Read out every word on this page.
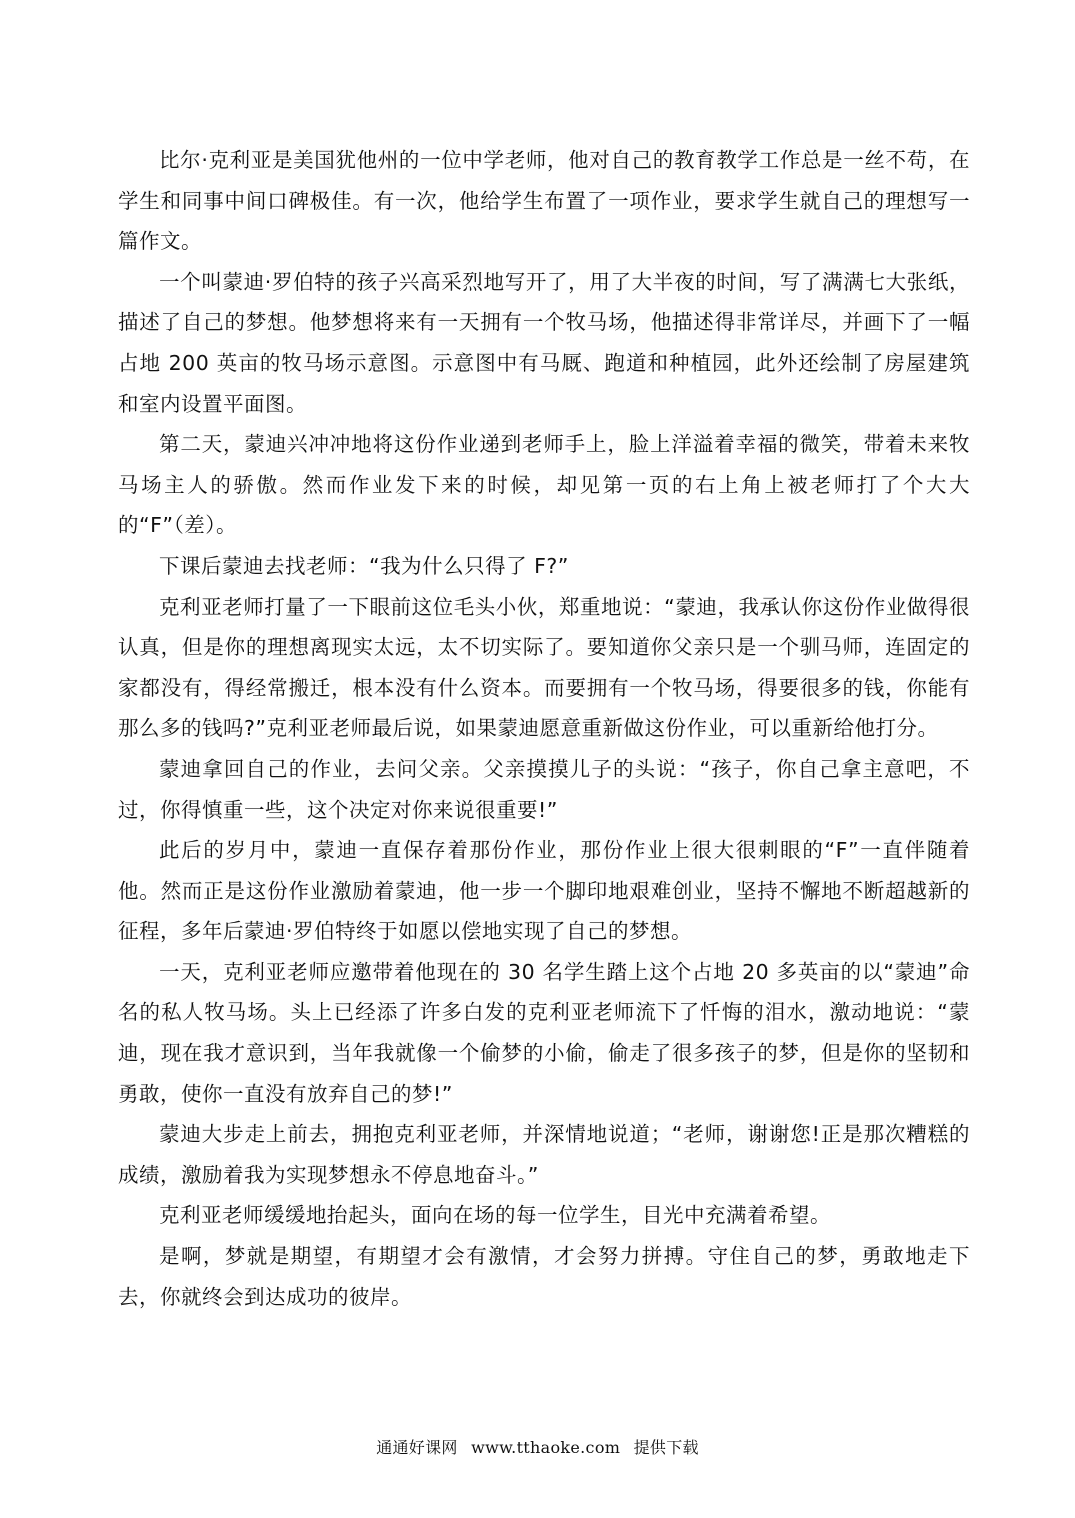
比尔·克利亚是美国犹他州的一位中学老师，他对自己的教育教学工作总是一丝不苟，在学生和同事中间口碑极佳。有一次，他给学生布置了一项作业，要求学生就自己的理想写一篇作文。

一个叫蒙迪·罗伯特的孩子兴高采烈地写开了，用了大半夜的时间，写了满满七大张纸，描述了自己的梦想。他梦想将来有一天拥有一个牧马场，他描述得非常详尽，并画下了一幅占地 200 英亩的牧马场示意图。示意图中有马厩、跑道和种植园，此外还绘制了房屋建筑和室内设置平面图。

第二天，蒙迪兴冲冲地将这份作业递到老师手上，脸上洋溢着幸福的微笑，带着未来牧马场主人的骄傲。然而作业发下来的时候，却见第一页的右上角上被老师打了个大大的“F”（差）。

下课后蒙迪去找老师：“我为什么只得了 F?”

克利亚老师打量了一下眼前这位毛头小伙，郑重地说：“蒙迪，我承认你这份作业做得很认真，但是你的理想离现实太远，太不切实际了。要知道你父亲只是一个驯马师，连固定的家都没有，得经常搬迁，根本没有什么资本。而要拥有一个牧马场，得要很多的钱，你能有那么多的钱吗?”克利亚老师最后说，如果蒙迪愿意重新做这份作业，可以重新给他打分。

蒙迪拿回自己的作业，去问父亲。父亲摸摸儿子的头说：“孩子，你自己拿主意吧，不过，你得慎重一些，这个决定对你来说很重要!”

此后的岁月中，蒙迪一直保存着那份作业，那份作业上很大很刺眼的“F”一直伴随着他。然而正是这份作业激励着蒙迪，他一步一个脚印地艰难创业，坚持不懈地不断超越新的征程，多年后蒙迪·罗伯特终于如愿以偿地实现了自己的梦想。

一天，克利亚老师应邀带着他现在的 30 名学生踏上这个占地 20 多英亩的以“蒙迪”命名的私人牧马场。头上已经添了许多白发的克利亚老师流下了忏悔的泪水，激动地说：“蒙迪，现在我才意识到，当年我就像一个偷梦的小偷，偷走了很多孩子的梦，但是你的坚韧和勇敢，使你一直没有放弃自己的梦!”

蒙迪大步走上前去，拥抱克利亚老师，并深情地说道；“老师，谢谢您!正是那次糟糕的成绩，激励着我为实现梦想永不停息地奋斗。”

克利亚老师缓缓地抬起头，面向在场的每一位学生，目光中充满着希望。

是啊，梦就是期望，有期望才会有激情，才会努力拼搏。守住自己的梦，勇敢地走下去，你就终会到达成功的彼岸。

通通好课网 www.tthaoke.com 提供下载
